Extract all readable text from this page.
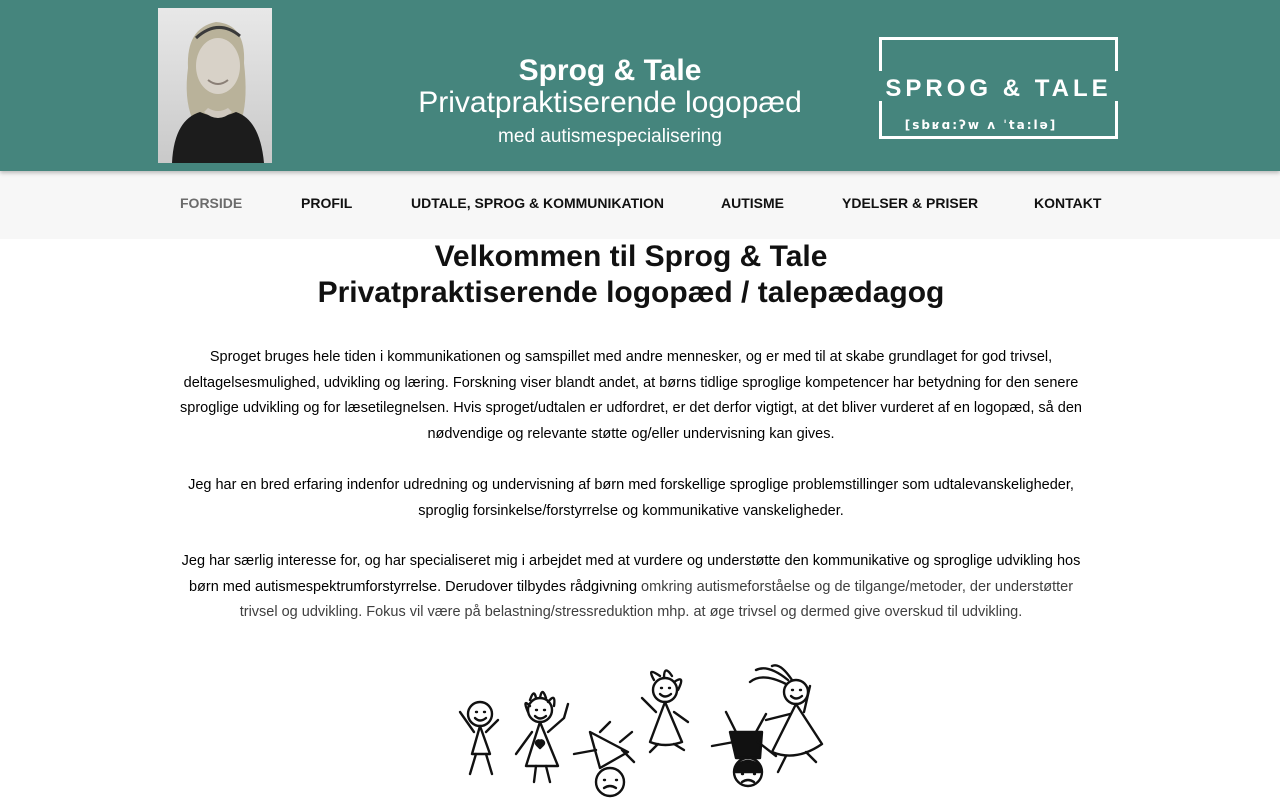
Sprog & Tale
Privatpraktiserende logopæd
med autismespecialisering
SPROG & TALE
[sbʁɑ:ʔw ʌ ˈta:lə]
FORSIDE	PROFIL	UDTALE, SPROG & KOMMUNIKATION	AUTISME	YDELSER & PRISER	KONTAKT
Velkommen til Sprog & Tale
Privatpraktiserende logopæd / talepædagog

Sproget bruges hele tiden i kommunikationen og samspillet med andre mennesker, og er med til at skabe grundlaget for god trivsel, deltagelsesmulighed, udvikling og læring. Forskning viser blandt andet, at børns tidlige sproglige kompetencer har betydning for den senere sproglige udvikling og for læsetilegnelsen. Hvis sproget/udtalen er udfordret, er det derfor vigtigt, at det bliver vurderet af en logopæd, så den nødvendige og relevante støtte og/eller undervisning kan gives.

Jeg har en bred erfaring indenfor udredning og undervisning af børn med forskellige sproglige problemstillinger som udtalevanskeligheder, sproglig forsinkelse/forstyrrelse og kommunikative vanskeligheder.

Jeg har særlig interesse for, og har specialiseret mig i arbejdet med at vurdere og understøtte den kommunikative og sproglige udvikling hos børn med autismespektrumforstyrrelse. Derudover tilbydes rådgivning omkring autismeforståelse og de tilgange/metoder, der understøtter trivsel og udvikling. Fokus vil være på belastning/stressreduktion mhp. at øge trivsel og dermed give overskud til udvikling.
